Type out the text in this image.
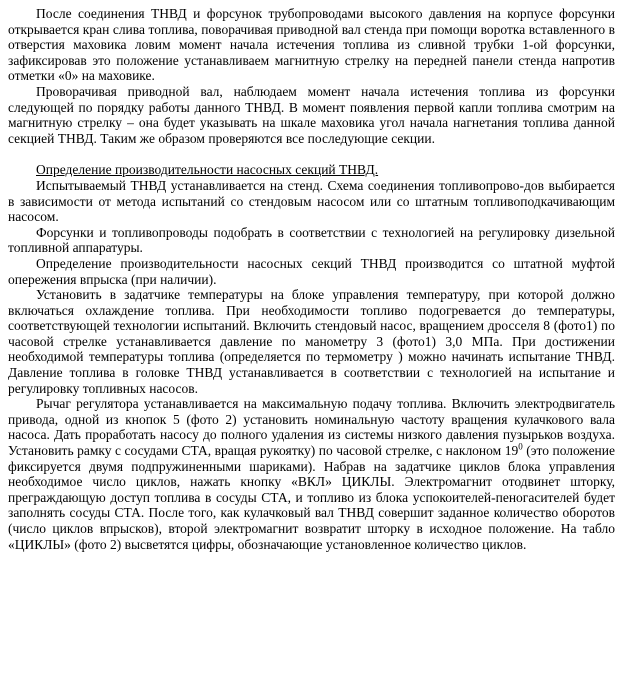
После соединения ТНВД и форсунок трубопроводами высокого давления на корпусе форсунки открывается кран слива топлива, поворачивая приводной вал стенда при помощи воротка вставленного в отверстия маховика ловим момент начала истечения топлива из сливной трубки 1-ой форсунки, зафиксировав это положение устанавливаем магнитную стрелку на передней панели стенда напротив отметки «0» на маховике.

Проворачивая приводной вал, наблюдаем момент начала истечения топлива из форсунки следующей по порядку работы данного ТНВД. В момент появления первой капли топлива смотрим на магнитную стрелку – она будет указывать на шкале маховика угол начала нагнетания топлива данной секцией ТНВД. Таким же образом проверяются все последующие секции.

Определение производительности насосных секций ТНВД.

Испытываемый ТНВД устанавливается на стенд. Схема соединения топливопрово-дов выбирается в зависимости от метода испытаний со стендовым насосом или со штатным топливоподкачивающим насосом.

Форсунки и топливопроводы подобрать в соответствии с технологией на регулировку дизельной топливной аппаратуры.

Определение производительности насосных секций ТНВД производится со штатной муфтой опережения впрыска (при наличии).

Установить в задатчике температуры на блоке управления температуру, при которой должно включаться охлаждение топлива. При необходимости топливо подогревается до температуры, соответствующей технологии испытаний. Включить стендовый насос, вращением дросселя 8 (фото1) по часовой стрелке устанавливается давление по манометру 3 (фото1) 3,0 МПа. При достижении необходимой температуры топлива (определяется по термометру ) можно начинать испытание ТНВД. Давление топлива в головке ТНВД устанавливается в соответствии с технологией на испытание и регулировку топливных насосов.

Рычаг регулятора устанавливается на максимальную подачу топлива. Включить электродвигатель привода, одной из кнопок 5 (фото 2) установить номинальную частоту вращения кулачкового вала насоса. Дать проработать насосу до полного удаления из системы низкого давления пузырьков воздуха. Установить рамку с сосудами СТА, вращая рукоятку) по часовой стрелке, с наклоном $19^0$ (это положение фиксируется двумя подпружиненными шариками). Набрав на задатчике циклов блока управления необходимое число циклов, нажать кнопку «ВКЛ» ЦИКЛЫ. Электромагнит отодвинет шторку, преграждающую доступ топлива в сосуды СТА, и топливо из блока успокоителей-пеногасителей будет заполнять сосуды СТА. После того, как кулачковый вал ТНВД совершит заданное количество оборотов (число циклов впрысков), второй электромагнит возвратит шторку в исходное положение. На табло «ЦИКЛЫ» (фото 2) высветятся цифры, обозначающие установленное количество циклов.
